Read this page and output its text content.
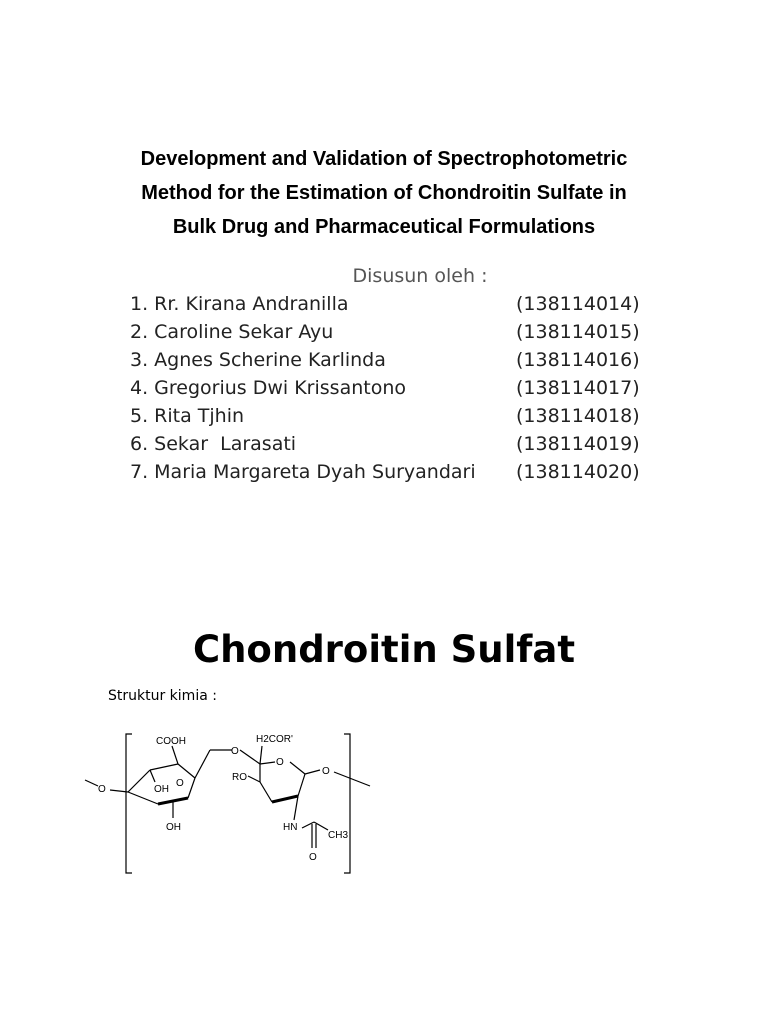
Development and Validation of Spectrophotometric
Method for the Estimation of Chondroitin Sulfate in
Bulk Drug and Pharmaceutical Formulations
Disusun oleh :
1. Rr. Kirana Andranilla	(138114014)
2. Caroline Sekar Ayu	(138114015)
3. Agnes Scherine Karlinda	(138114016)
4. Gregorius Dwi Krissantono	(138114017)
5. Rita Tjhin	(138114018)
6. Sekar  Larasati	(138114019)
7. Maria Margareta Dyah Suryandari (138114020)
Chondroitin Sulfat
Struktur kimia :
O
COOH
OH
O
OH
O
H2COR'
O
RO
O
HN
CH3
O
